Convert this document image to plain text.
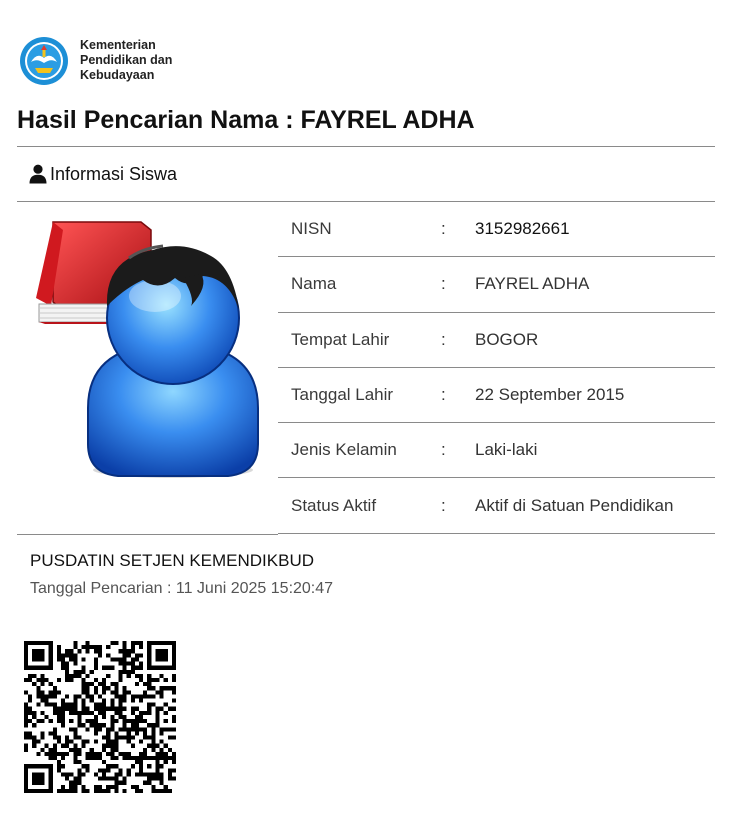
Kementerian
Pendidikan dan
Kebudayaan
Hasil Pencarian Nama : FAYREL ADHA
Informasi Siswa
NISN	:	3152982661
Nama	:	FAYREL ADHA
Tempat Lahir	:	BOGOR
Tanggal Lahir	:	22 September 2015
Jenis Kelamin	:	Laki-laki
Status Aktif	:	Aktif di Satuan Pendidikan
PUSDATIN SETJEN KEMENDIKBUD
Tanggal Pencarian : 11 Juni 2025 15:20:47
